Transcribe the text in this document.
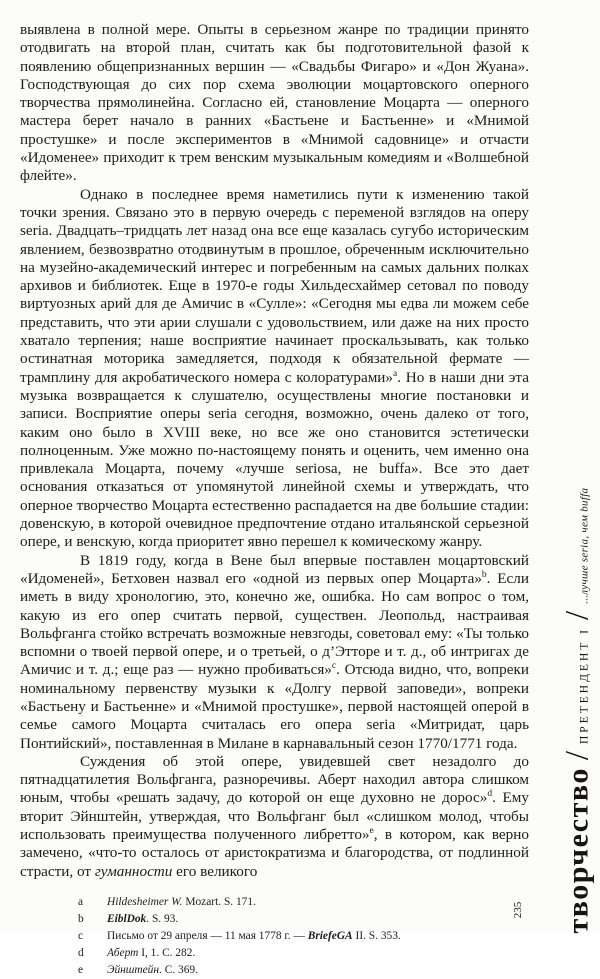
выявлена в полной мере. Опыты в серьезном жанре по традиции принято отодвигать на второй план, считать как бы подготовительной фазой к появлению общепризнанных вершин — «Свадьбы Фигаро» и «Дон Жуана». Господствующая до сих пор схема эволюции моцартовского оперного творчества прямолинейна. Согласно ей, становление Моцарта — оперного мастера берет начало в ранних «Бастьене и Бастьенне» и «Мнимой простушке» и после экспериментов в «Мнимой садовнице» и отчасти «Идоменее» приходит к трем венским музыкальным комедиям и «Волшебной флейте».

Однако в последнее время наметились пути к изменению такой точки зрения. Связано это в первую очередь с переменой взглядов на оперу seria. Двадцать–тридцать лет назад она все еще казалась сугубо историческим явлением, безвозвратно отодвинутым в прошлое, обреченным исключительно на музейно-академический интерес и погребенным на самых дальних полках архивов и библиотек. Еще в 1970-е годы Хильдесхаймер сетовал по поводу виртуозных арий для де Амичис в «Сулле»: «Сегодня мы едва ли можем себе представить, что эти арии слушали с удовольствием, или даже на них просто хватало терпения; наше восприятие начинает проскальзывать, как только остинатная моторика замедляется, подходя к обязательной фермате — трамплину для акробатического номера с колоратурами»$^a$. Но в наши дни эта музыка возвращается к слушателю, осуществлены многие постановки и записи. Восприятие оперы seria сегодня, возможно, очень далеко от того, каким оно было в XVIII веке, но все же оно становится эстетически полноценным. Уже можно по-настоящему понять и оценить, чем именно она привлекала Моцарта, почему «лучше seriosa, не buffa». Все это дает основания отказаться от упомянутой линейной схемы и утверждать, что оперное творчество Моцарта естественно распадается на две большие стадии: довенскую, в которой очевидное предпочтение отдано итальянской серьезной опере, и венскую, когда приоритет явно перешел к комическому жанру.

В 1819 году, когда в Вене был впервые поставлен моцартовский «Идоменей», Бетховен назвал его «одной из первых опер Моцарта»$^b$. Если иметь в виду хронологию, это, конечно же, ошибка. Но сам вопрос о том, какую из его опер считать первой, существен. Леопольд, настраивая Вольфганга стойко встречать возможные невзгоды, советовал ему: «Ты только вспомни о твоей первой опере, и о третьей, о д’Этторе и т. д., об интригах де Амичис и т. д.; еще раз — нужно пробиваться»$^c$. Отсюда видно, что, вопреки номинальному первенству музыки к «Долгу первой заповеди», вопреки «Бастьену и Бастьенне» и «Мнимой простушке», первой настоящей оперой в семье самого Моцарта считалась его опера seria «Митридат, царь Понтийский», поставленная в Милане в карнавальный сезон 1770/1771 года.

Суждения об этой опере, увидевшей свет незадолго до пятнадцатилетия Вольфганга, разноречивы. Аберт находил автора слишком юным, чтобы «решать задачу, до которой он еще духовно не дорос»$^d$. Ему вторит Эйнштейн, утверждая, что Вольфганг был «слишком молод, чтобы использовать преимущества полученного либретто»$^e$, в котором, как верно замечено, «что-то осталось от аристократизма и благородства, от подлинной страсти, от гуманности его великого

a	Hildesheimer W. Mozart. S. 171.
b	EiblDok. S. 93.
c	Письмо от 29 апреля — 11 мая 1778 г. — BriefeGA II. S. 353.
d	Аберт I, 1. С. 282.
e	Эйнштейн. С. 369.
творчество/ПРЕТЕНДЕНТ I/...лучше seria, чем buffa
235
